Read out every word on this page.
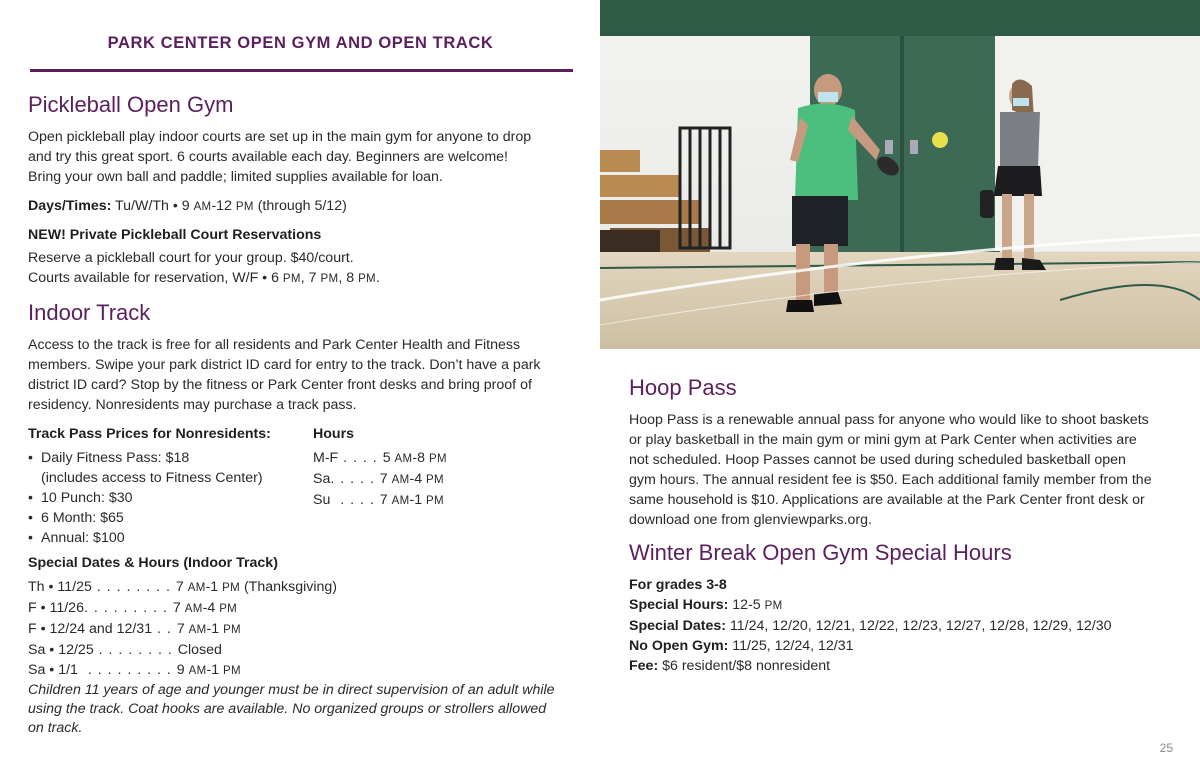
PARK CENTER OPEN GYM AND OPEN TRACK
Pickleball Open Gym
Open pickleball play indoor courts are set up in the main gym for anyone to drop
and try this great sport. 6 courts available each day. Beginners are welcome!
Bring your own ball and paddle; limited supplies available for loan.
Days/Times: Tu/W/Th • 9 AM-12 PM (through 5/12)
NEW! Private Pickleball Court Reservations
Reserve a pickleball court for your group. $40/court.
Courts available for reservation, W/F • 6 PM, 7 PM, 8 PM.
Indoor Track
Access to the track is free for all residents and Park Center Health and Fitness
members. Swipe your park district ID card for entry to the track. Don’t have a park
district ID card? Stop by the fitness or Park Center front desks and bring proof of
residency. Nonresidents may purchase a track pass.
Track Pass Prices for Nonresidents:	Hours
• Daily Fitness Pass: $18
(includes access to Fitness Center)
• 10 Punch: $30
• 6 Month: $65
• Annual: $100
M-F . . . . 5 AM-8 PM
Sa. . . . . 7 AM-4 PM
Su  . . . . 7 AM-1 PM
Special Dates & Hours (Indoor Track)
Th • 11/25 . . . . . . . . 7 AM-1 PM (Thanksgiving)
F • 11/26. . . . . . . . . 7 AM-4 PM
F • 12/24 and 12/31 . . 7 AM-1 PM
Sa • 12/25 . . . . . . . . Closed
Sa • 1/1  . . . . . . . . . 9 AM-1 PM
Children 11 years of age and younger must be in direct supervision of an adult while
using the track. Coat hooks are available. No organized groups or strollers allowed
on track.
Hoop Pass
Hoop Pass is a renewable annual pass for anyone who would like to shoot baskets
or play basketball in the main gym or mini gym at Park Center when activities are
not scheduled. Hoop Passes cannot be used during scheduled basketball open
gym hours. The annual resident fee is $50. Each additional family member from the
same household is $10. Applications are available at the Park Center front desk or
download one from glenviewparks.org.
Winter Break Open Gym Special Hours
For grades 3-8
Special Hours: 12-5 PM
Special Dates: 11/24, 12/20, 12/21, 12/22, 12/23, 12/27, 12/28, 12/29, 12/30
No Open Gym: 11/25, 12/24, 12/31
Fee: $6 resident/$8 nonresident
25
